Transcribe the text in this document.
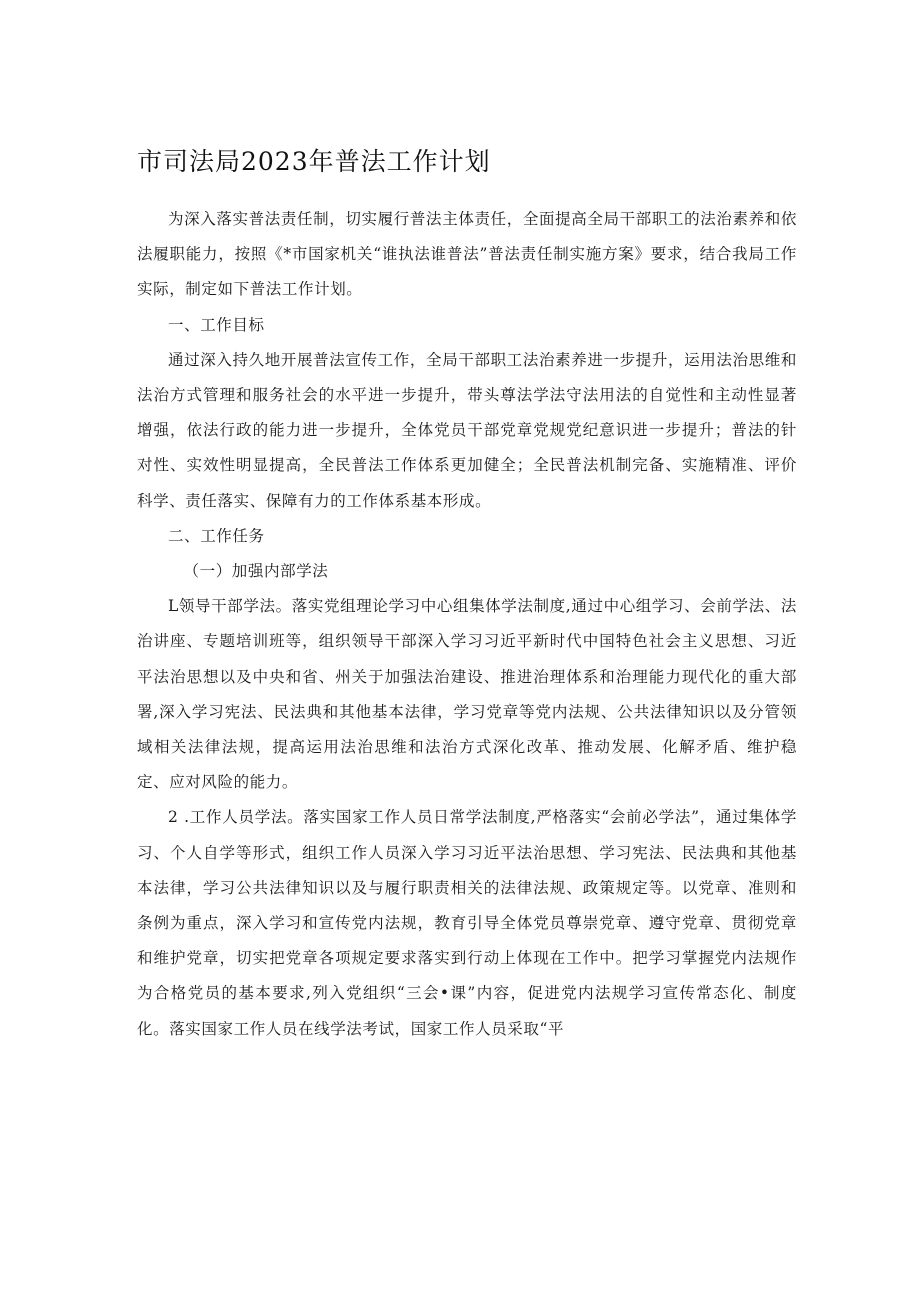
市司法局2023年普法工作计划

为深入落实普法责任制，切实履行普法主体责任，全面提高全局干部职工的法治素养和依法履职能力，按照《*市国家机关“谁执法谁普法”普法责任制实施方案》要求，结合我局工作实际，制定如下普法工作计划。

一、工作目标

通过深入持久地开展普法宣传工作，全局干部职工法治素养进一步提升，运用法治思维和法治方式管理和服务社会的水平进一步提升，带头尊法学法守法用法的自觉性和主动性显著增强，依法行政的能力进一步提升，全体党员干部党章党规党纪意识进一步提升；普法的针对性、实效性明显提高，全民普法工作体系更加健全；全民普法机制完备、实施精准、评价科学、责任落实、保障有力的工作体系基本形成。

二、工作任务

（一）加强内部学法

L领导干部学法。落实党组理论学习中心组集体学法制度,通过中心组学习、会前学法、法治讲座、专题培训班等，组织领导干部深入学习习近平新时代中国特色社会主义思想、习近平法治思想以及中央和省、州关于加强法治建设、推进治理体系和治理能力现代化的重大部署,深入学习宪法、民法典和其他基本法律，学习党章等党内法规、公共法律知识以及分管领域相关法律法规，提高运用法治思维和法治方式深化改革、推动发展、化解矛盾、维护稳定、应对风险的能力。

2 .工作人员学法。落实国家工作人员日常学法制度,严格落实“会前必学法”，通过集体学习、个人自学等形式，组织工作人员深入学习习近平法治思想、学习宪法、民法典和其他基本法律，学习公共法律知识以及与履行职责相关的法律法规、政策规定等。以党章、准则和条例为重点，深入学习和宣传党内法规，教育引导全体党员尊崇党章、遵守党章、贯彻党章和维护党章，切实把党章各项规定要求落实到行动上体现在工作中。把学习掌握党内法规作为合格党员的基本要求,列入党组织“三会•课”内容，促进党内法规学习宣传常态化、制度化。落实国家工作人员在线学法考试，国家工作人员采取“平
